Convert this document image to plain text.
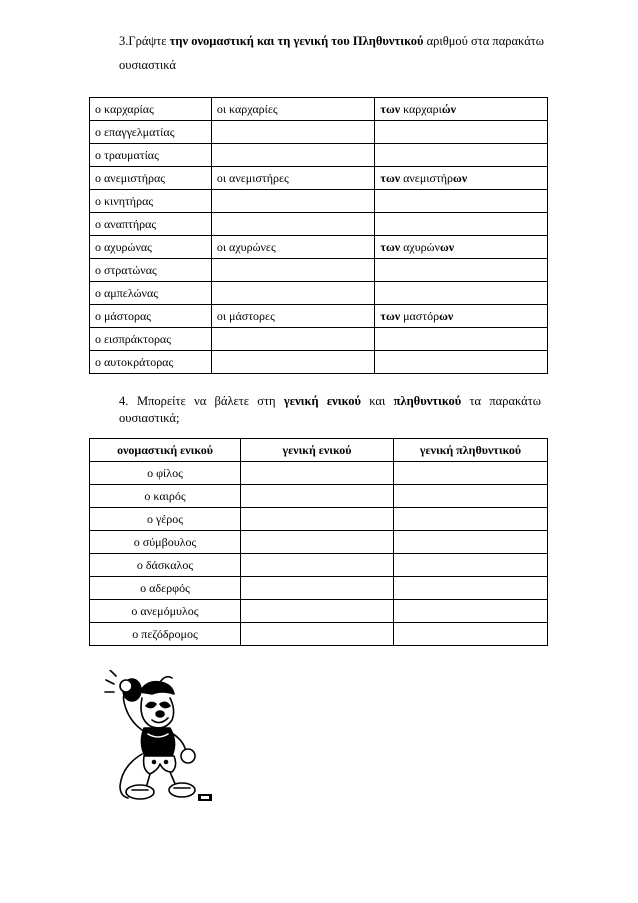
3.Γράψτε την ονομαστική και τη γενική του Πληθυντικού αριθμού στα παρακάτω ουσιαστικά
ο καρχαρίας	οι καρχαρίες	των καρχαριών
ο επαγγελματίας		
ο τραυματίας		
ο ανεμιστήρας	οι ανεμιστήρες	των ανεμιστήρων
ο κινητήρας		
ο αναπτήρας		
ο αχυρώνας	οι αχυρώνες	των αχυρώνων
ο στρατώνας		
ο αμπελώνας		
ο μάστορας	οι μάστορες	των μαστόρων
ο εισπράκτορας		
ο αυτοκράτορας		
4. Μπορείτε να βάλετε στη γενική ενικού και πληθυντικού τα παρακάτω ουσιαστικά;
ονομαστική ενικού	γενική ενικού	γενική πληθυντικού
ο φίλος		
ο καιρός		
ο γέρος		
ο σύμβουλος		
ο δάσκαλος		
ο αδερφός		
ο ανεμόμυλος		
ο πεζόδρομος		
